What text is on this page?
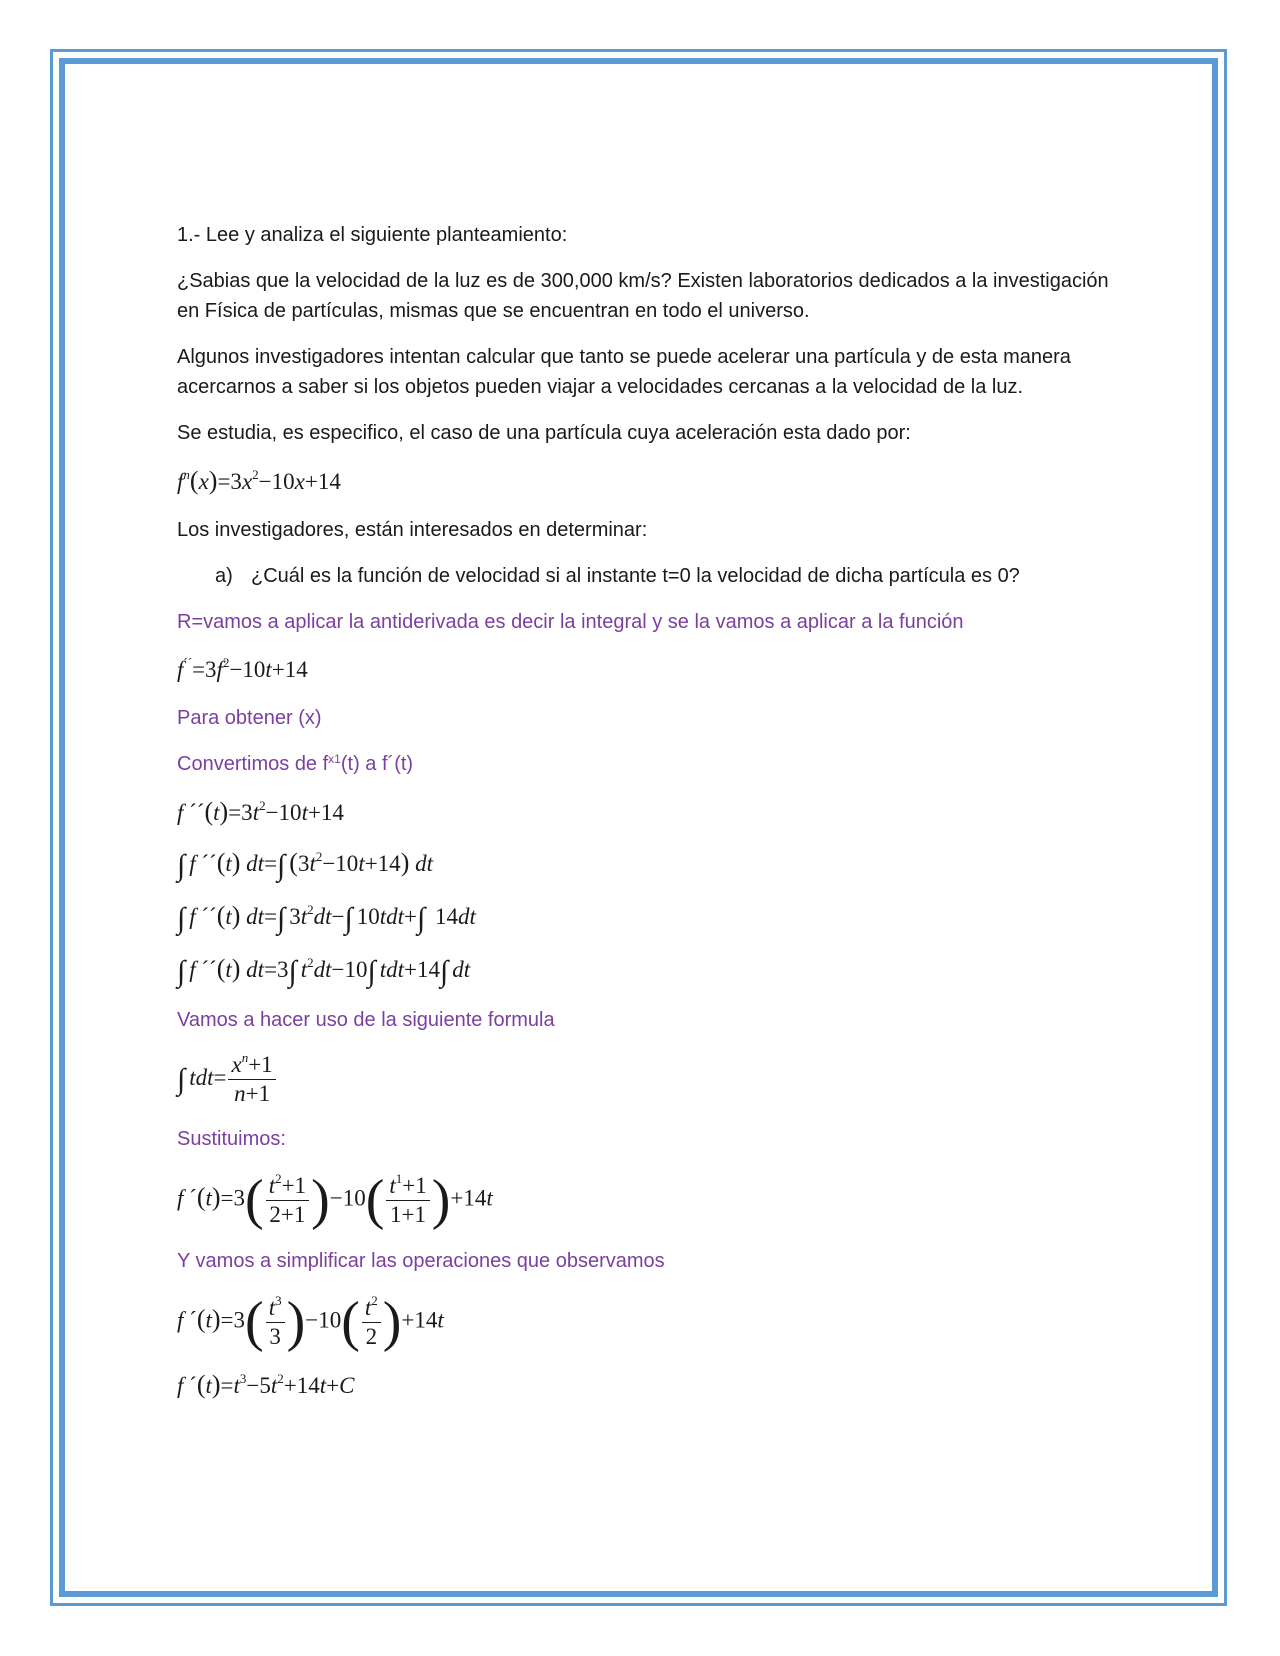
1.- Lee y analiza el siguiente planteamiento:

¿Sabias que la velocidad de la luz es de 300,000 km/s? Existen laboratorios dedicados a la investigación en Física de partículas, mismas que se encuentran en todo el universo.

Algunos investigadores intentan calcular que tanto se puede acelerar una partícula y de esta manera acercarnos a saber si los objetos pueden viajar a velocidades cercanas a la velocidad de la luz.

Se estudia, es especifico, el caso de una partícula cuya aceleración esta dado por:

$f^n(x)=3x^2-10x+14$

Los investigadores, están interesados en determinar:

a) ¿Cuál es la función de velocidad si al instante t=0 la velocidad de dicha partícula es 0?

R=vamos a aplicar la antiderivada es decir la integral y se la vamos a aplicar a la función

$f^{´´}=3f^2-10t+14$

Para obtener (x)

Convertimos de $f^{x1}(t)$ a f´(t)

f $´´(t)=3t^2-10t+14$
∫ f ´´(t) dt=∫ $(3t^2-10t+14)$ dt
∫ f ´´(t) dt=∫ $3t^2dt-\int$ 10tdt+∫ 14dt
∫ f ´´(t) dt=3∫ $t^2dt-10\int$ tdt+14∫ dt

Vamos a hacer uso de la siguiente formula

∫ $tdt= \frac{x^n+1}{n+1}$

Sustituimos:

f ´(t)=3( $\frac{t^2+1}{2+1} )-10( \frac{t^1+1}{1+1} )+14t$

Y vamos a simplificar las operaciones que observamos

f ´(t)=3( $\frac{t^3}{3} )-10( \frac{t^2}{2} )+14t$
f $´(t)=t^3-5t^2+14t+C$
